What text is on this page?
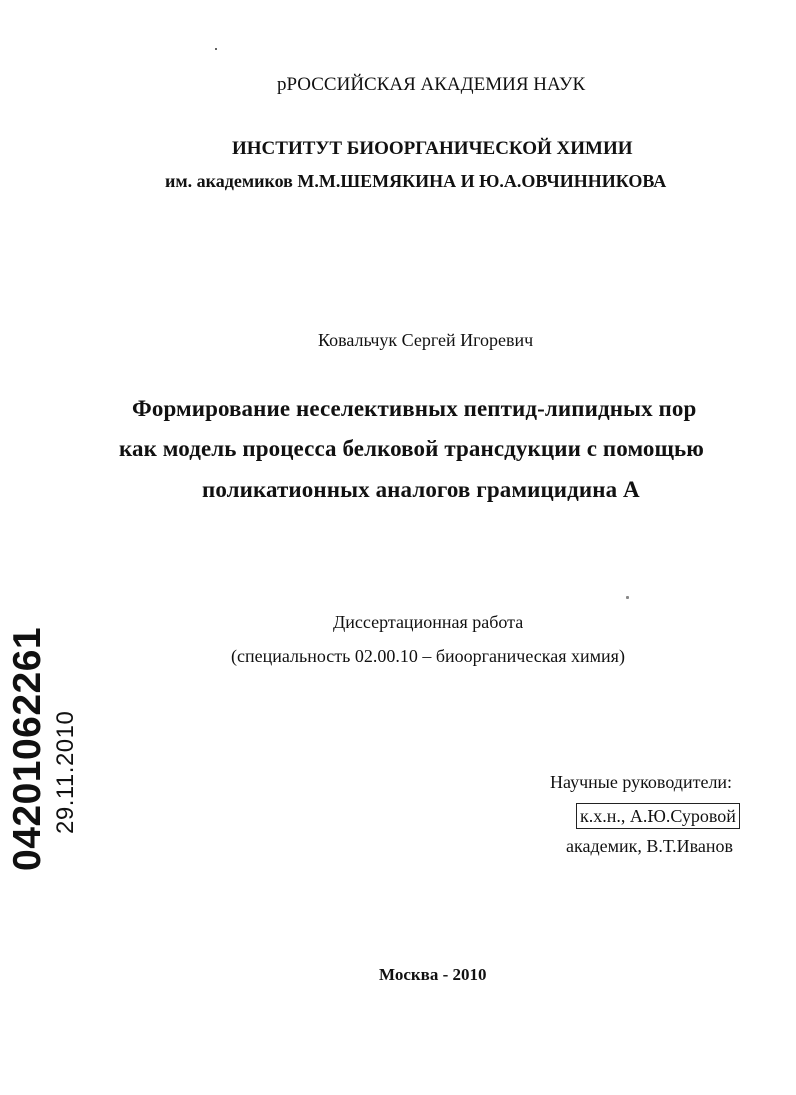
рРОССИЙСКАЯ АКАДЕМИЯ НАУК
ИНСТИТУТ БИООРГАНИЧЕСКОЙ ХИМИИ
им. академиков М.М.ШЕМЯКИНА И Ю.А.ОВЧИННИКОВА
Ковальчук Сергей Игоревич
Формирование неселективных пептид-липидных пор
как модель процесса белковой трансдукции с помощью
поликатионных аналогов грамицидина А
Диссертационная работа
(специальность 02.00.10 – биоорганическая химия)
Научные руководители:
к.х.н., А.Ю.Суровой
академик, В.Т.Иванов
Москва - 2010
04201062261 29.11.2010
